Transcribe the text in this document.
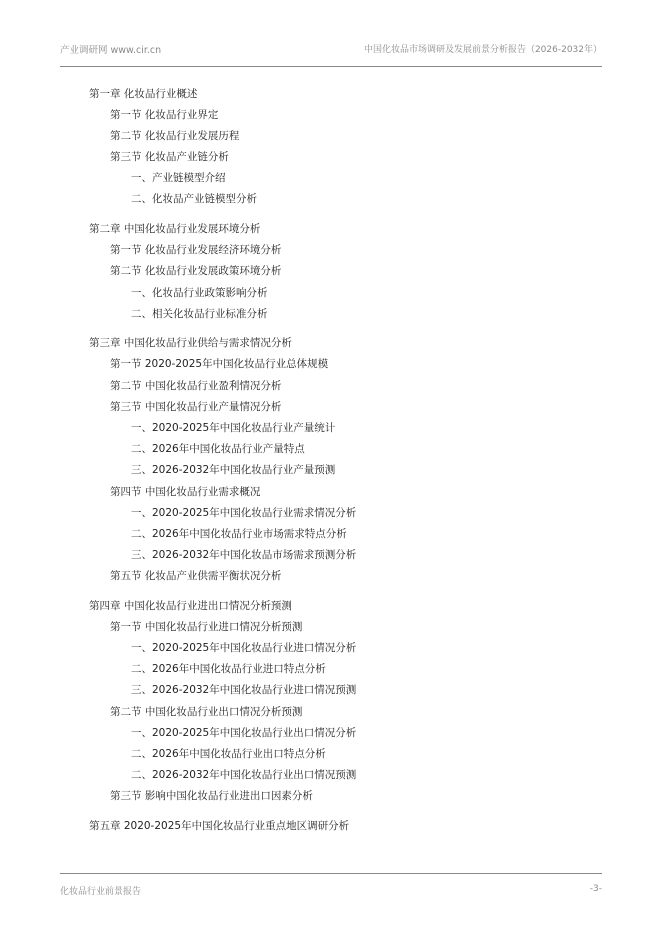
产业调研网 www.cir.cn	中国化妆品市场调研及发展前景分析报告（2026-2032年）
第一章 化妆品行业概述
第一节 化妆品行业界定
第二节 化妆品行业发展历程
第三节 化妆品产业链分析
一、产业链模型介绍
二、化妆品产业链模型分析
第二章 中国化妆品行业发展环境分析
第一节 化妆品行业发展经济环境分析
第二节 化妆品行业发展政策环境分析
一、化妆品行业政策影响分析
二、相关化妆品行业标准分析
第三章 中国化妆品行业供给与需求情况分析
第一节 2020-2025年中国化妆品行业总体规模
第二节 中国化妆品行业盈利情况分析
第三节 中国化妆品行业产量情况分析
一、2020-2025年中国化妆品行业产量统计
二、2026年中国化妆品行业产量特点
三、2026-2032年中国化妆品行业产量预测
第四节 中国化妆品行业需求概况
一、2020-2025年中国化妆品行业需求情况分析
二、2026年中国化妆品行业市场需求特点分析
三、2026-2032年中国化妆品市场需求预测分析
第五节 化妆品产业供需平衡状况分析
第四章 中国化妆品行业进出口情况分析预测
第一节 中国化妆品行业进口情况分析预测
一、2020-2025年中国化妆品行业进口情况分析
二、2026年中国化妆品行业进口特点分析
三、2026-2032年中国化妆品行业进口情况预测
第二节 中国化妆品行业出口情况分析预测
一、2020-2025年中国化妆品行业出口情况分析
二、2026年中国化妆品行业出口特点分析
二、2026-2032年中国化妆品行业出口情况预测
第三节 影响中国化妆品行业进出口因素分析
第五章 2020-2025年中国化妆品行业重点地区调研分析
化妆品行业前景报告	-3-
